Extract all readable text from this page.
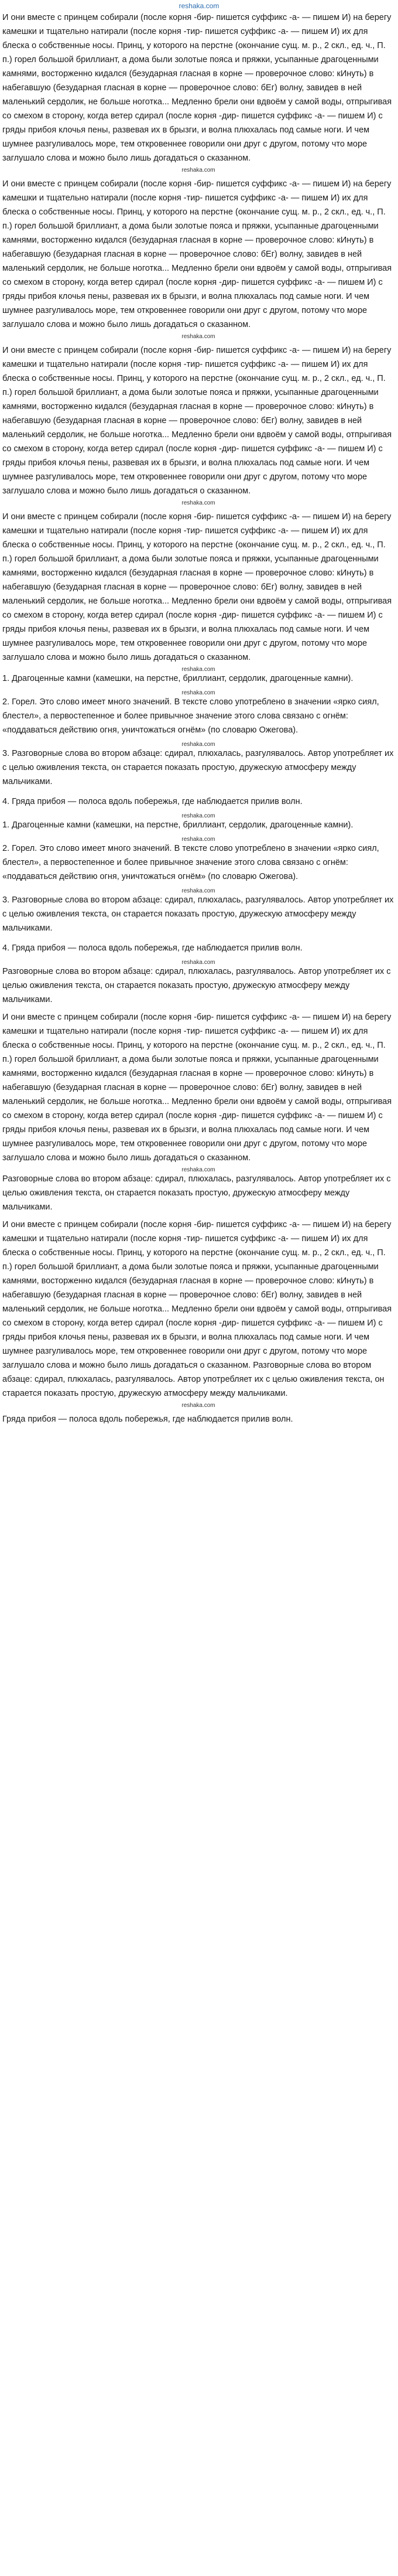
reshaka.com

И они вместе с принцем собирали (после корня -бир- пишется суффикс -а- — пишем И) на берегу камешки и тщательно натирали (после корня -тир- пишется суффикс -а- — пишем И) их для блеска о собственные носы. Принц, у которого на перстне (окончание сущ. м. р., 2 скл., ед. ч., П. п.) горел большой бриллиант, а дома были золотые пояса и пряжки, усыпанные драгоценными камнями, восторженно кидался (безударная гласная в корне — проверочное слово: кИнуть) в набегавшую (безударная гласная в корне — проверочное слово: бЕг) волну, завидев в ней маленький сердолик, не больше ноготка... Медленно брели они вдвоём у самой воды, отпрыгивая со смехом в сторону, когда ветер сдирал (после корня -дир- пишется суффикс -а- — пишем И) с гряды прибоя клочья пены, развевая их в брызги, и волна плюхалась под самые ноги. И чем шумнее разгуливалось море, тем откровеннее говорили они друг с другом, потому что море заглушало слова и можно было лишь догадаться о сказанном.

reshaka.com

И они вместе с принцем собирали (после корня -бир- пишется суффикс -а- — пишем И) на берегу камешки и тщательно натирали (после корня -тир- пишется суффикс -а- — пишем И) их для блеска о собственные носы. Принц, у которого на перстне (окончание сущ. м. р., 2 скл., ед. ч., П. п.) горел большой бриллиант, а дома были золотые пояса и пряжки, усыпанные драгоценными камнями, восторженно кидался (безударная гласная в корне — проверочное слово: кИнуть) в набегавшую (безударная гласная в корне — проверочное слово: бЕг) волну, завидев в ней маленький сердолик, не больше ноготка... Медленно брели они вдвоём у самой воды, отпрыгивая со смехом в сторону, когда ветер сдирал (после корня -дир- пишется суффикс -а- — пишем И) с гряды прибоя клочья пены, развевая их в брызги, и волна плюхалась под самые ноги. И чем шумнее разгуливалось море, тем откровеннее говорили они друг с другом, потому что море заглушало слова и можно было лишь догадаться о сказанном.

reshaka.com

И они вместе с принцем собирали (после корня -бир- пишется суффикс -а- — пишем И) на берегу камешки и тщательно натирали (после корня -тир- пишется суффикс -а- — пишем И) их для блеска о собственные носы. Принц, у которого на перстне (окончание сущ. м. р., 2 скл., ед. ч., П. п.) горел большой бриллиант, а дома были золотые пояса и пряжки, усыпанные драгоценными камнями, восторженно кидался (безударная гласная в корне — проверочное слово: кИнуть) в набегавшую (безударная гласная в корне — проверочное слово: бЕг) волну, завидев в ней маленький сердолик, не больше ноготка... Медленно брели они вдвоём у самой воды, отпрыгивая со смехом в сторону, когда ветер сдирал (после корня -дир- пишется суффикс -а- — пишем И) с гряды прибоя клочья пены, развевая их в брызги, и волна плюхалась под самые ноги. И чем шумнее разгуливалось море, тем откровеннее говорили они друг с другом, потому что море заглушало слова и можно было лишь догадаться о сказанном.

reshaka.com

И они вместе с принцем собирали (после корня -бир- пишется суффикс -а- — пишем И) на берегу камешки и тщательно натирали (после корня -тир- пишется суффикс -а- — пишем И) их для блеска о собственные носы. Принц, у которого на перстне (окончание сущ. м. р., 2 скл., ед. ч., П. п.) горел большой бриллиант, а дома были золотые пояса и пряжки, усыпанные драгоценными камнями, восторженно кидался (безударная гласная в корне — проверочное слово: кИнуть) в набегавшую (безударная гласная в корне — проверочное слово: бЕг) волну, завидев в ней маленький сердолик, не больше ноготка... Медленно брели они вдвоём у самой воды, отпрыгивая со смехом в сторону, когда ветер сдирал (после корня -дир- пишется суффикс -а- — пишем И) с гряды прибоя клочья пены, развевая их в брызги, и волна плюхалась под самые ноги. И чем шумнее разгуливалось море, тем откровеннее говорили они друг с другом, потому что море заглушало слова и можно было лишь догадаться о сказанном.

reshaka.com

1. Драгоценные камни (камешки, на перстне, бриллиант, сердолик, драгоценные камни).

reshaka.com

2. Горел. Это слово имеет много значений. В тексте слово употреблено в значении «ярко сиял, блестел», а первостепенное и более привычное значение этого слова связано с огнём: «поддаваться действию огня, уничтожаться огнём» (по словарю Ожегова).

reshaka.com

3. Разговорные слова во втором абзаце: сдирал, плюхалась, разгулявалось. Автор употребляет их с целью оживления текста, он старается показать простую, дружескую атмосферу между мальчиками.

4. Гряда прибоя — полоса вдоль побережья, где наблюдается прилив волн.

reshaka.com

1. Драгоценные камни (камешки, на перстне, бриллиант, сердолик, драгоценные камни).

reshaka.com

2. Горел. Это слово имеет много значений. В тексте слово употреблено в значении «ярко сиял, блестел», а первостепенное и более привычное значение этого слова связано с огнём: «поддаваться действию огня, уничтожаться огнём» (по словарю Ожегова).

reshaka.com

3. Разговорные слова во втором абзаце: сдирал, плюхалась, разгулявалось. Автор употребляет их с целью оживления текста, он старается показать простую, дружескую атмосферу между мальчиками.

4. Гряда прибоя — полоса вдоль побережья, где наблюдается прилив волн.

reshaka.com

Разговорные слова во втором абзаце: сдирал, плюхалась, разгулявалось. Автор употребляет их с целью оживления текста, он старается показать простую, дружескую атмосферу между мальчиками.

И они вместе с принцем собирали (после корня -бир- пишется суффикс -а- — пишем И) на берегу камешки и тщательно натирали (после корня -тир- пишется суффикс -а- — пишем И) их для блеска о собственные носы. Принц, у которого на перстне (окончание сущ. м. р., 2 скл., ед. ч., П. п.) горел большой бриллиант, а дома были золотые пояса и пряжки, усыпанные драгоценными камнями, восторженно кидался (безударная гласная в корне — проверочное слово: кИнуть) в набегавшую (безударная гласная в корне — проверочное слово: бЕг) волну, завидев в ней маленький сердолик, не больше ноготка... Медленно брели они вдвоём у самой воды, отпрыгивая со смехом в сторону, когда ветер сдирал (после корня -дир- пишется суффикс -а- — пишем И) с гряды прибоя клочья пены, развевая их в брызги, и волна плюхалась под самые ноги. И чем шумнее разгуливалось море, тем откровеннее говорили они друг с другом, потому что море заглушало слова и можно было лишь догадаться о сказанном.

reshaka.com

Разговорные слова во втором абзаце: сдирал, плюхалась, разгулявалось. Автор употребляет их с целью оживления текста, он старается показать простую, дружескую атмосферу между мальчиками.

И они вместе с принцем собирали (после корня -бир- пишется суффикс -а- — пишем И) на берегу камешки и тщательно натирали (после корня -тир- пишется суффикс -а- — пишем И) их для блеска о собственные носы. Принц, у которого на перстне (окончание сущ. м. р., 2 скл., ед. ч., П. п.) горел большой бриллиант, а дома были золотые пояса и пряжки, усыпанные драгоценными камнями, восторженно кидался (безударная гласная в корне — проверочное слово: кИнуть) в набегавшую (безударная гласная в корне — проверочное слово: бЕг) волну, завидев в ней маленький сердолик, не больше ноготка... Медленно брели они вдвоём у самой воды, отпрыгивая со смехом в сторону, когда ветер сдирал (после корня -дир- пишется суффикс -а- — пишем И) с гряды прибоя клочья пены, развевая их в брызги, и волна плюхалась под самые ноги. И чем шумнее разгуливалось море, тем откровеннее говорили они друг с другом, потому что море заглушало слова и можно было лишь догадаться о сказанном. Разговорные слова во втором абзаце: сдирал, плюхалась, разгулявалось. Автор употребляет их с целью оживления текста, он старается показать простую, дружескую атмосферу между мальчиками.

reshaka.com

Гряда прибоя — полоса вдоль побережья, где наблюдается прилив волн.
